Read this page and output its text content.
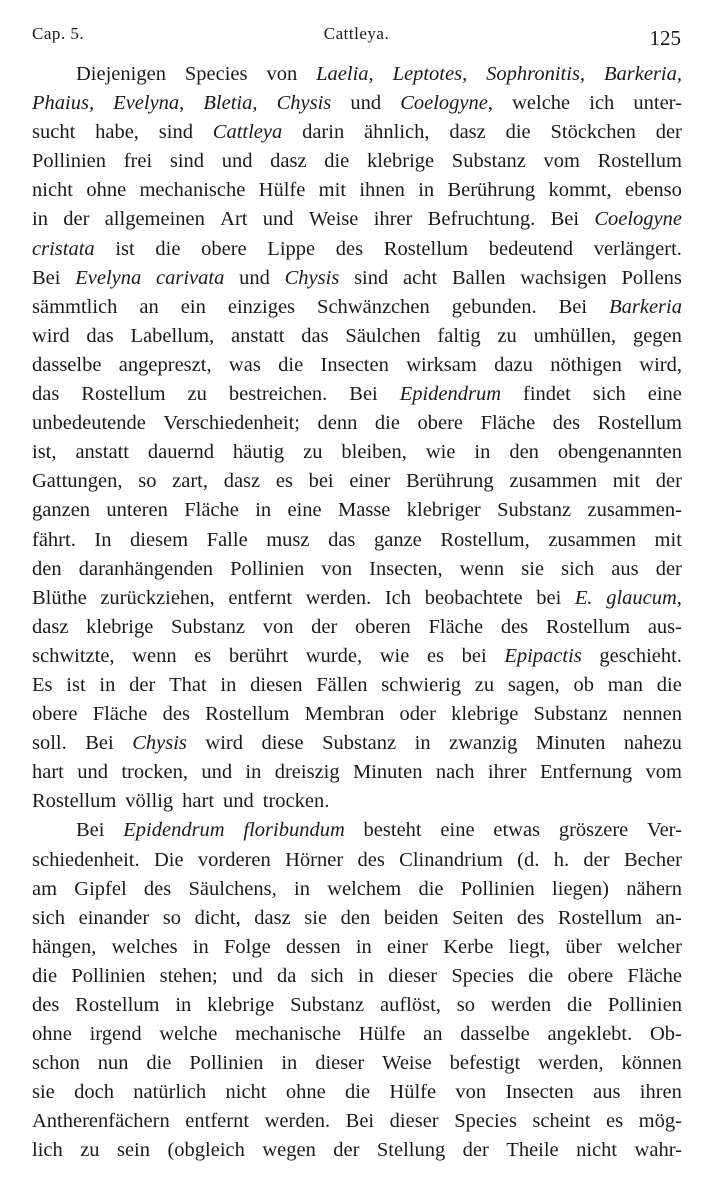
Cap. 5.	Cattleya.	125
Diejenigen Species von Laelia, Leptotes, Sophronitis, Barkeria,
Phaius, Evelyna, Bletia, Chysis und Coelogyne, welche ich unter-
sucht habe, sind Cattleya darin ähnlich, dasz die Stöckchen der
Pollinien frei sind und dasz die klebrige Substanz vom Rostellum
nicht ohne mechanische Hülfe mit ihnen in Berührung kommt, ebenso
in der allgemeinen Art und Weise ihrer Befruchtung. Bei Coelogyne
cristata ist die obere Lippe des Rostellum bedeutend verlängert.
Bei Evelyna carivata und Chysis sind acht Ballen wachsigen Pollens
sämmtlich an ein einziges Schwänzchen gebunden. Bei Barkeria
wird das Labellum, anstatt das Säulchen faltig zu umhüllen, gegen
dasselbe angepreszt, was die Insecten wirksam dazu nöthigen wird,
das Rostellum zu bestreichen. Bei Epidendrum findet sich eine
unbedeutende Verschiedenheit; denn die obere Fläche des Rostellum
ist, anstatt dauernd häutig zu bleiben, wie in den obengenannten
Gattungen, so zart, dasz es bei einer Berührung zusammen mit der
ganzen unteren Fläche in eine Masse klebriger Substanz zusammen-
fährt. In diesem Falle musz das ganze Rostellum, zusammen mit
den daranhängenden Pollinien von Insecten, wenn sie sich aus der
Blüthe zurückziehen, entfernt werden. Ich beobachtete bei E. glaucum,
dasz klebrige Substanz von der oberen Fläche des Rostellum aus-
schwitzte, wenn es berührt wurde, wie es bei Epipactis geschieht.
Es ist in der That in diesen Fällen schwierig zu sagen, ob man die
obere Fläche des Rostellum Membran oder klebrige Substanz nennen
soll. Bei Chysis wird diese Substanz in zwanzig Minuten nahezu
hart und trocken, und in dreiszig Minuten nach ihrer Entfernung vom
Rostellum völlig hart und trocken.
Bei Epidendrum floribundum besteht eine etwas gröszere Ver-
schiedenheit. Die vorderen Hörner des Clinandrium (d. h. der Becher
am Gipfel des Säulchens, in welchem die Pollinien liegen) nähern
sich einander so dicht, dasz sie den beiden Seiten des Rostellum an-
hängen, welches in Folge dessen in einer Kerbe liegt, über welcher
die Pollinien stehen; und da sich in dieser Species die obere Fläche
des Rostellum in klebrige Substanz auflöst, so werden die Pollinien
ohne irgend welche mechanische Hülfe an dasselbe angeklebt. Ob-
schon nun die Pollinien in dieser Weise befestigt werden, können
sie doch natürlich nicht ohne die Hülfe von Insecten aus ihren
Antherenfächern entfernt werden. Bei dieser Species scheint es mög-
lich zu sein (obgleich wegen der Stellung der Theile nicht wahr-
